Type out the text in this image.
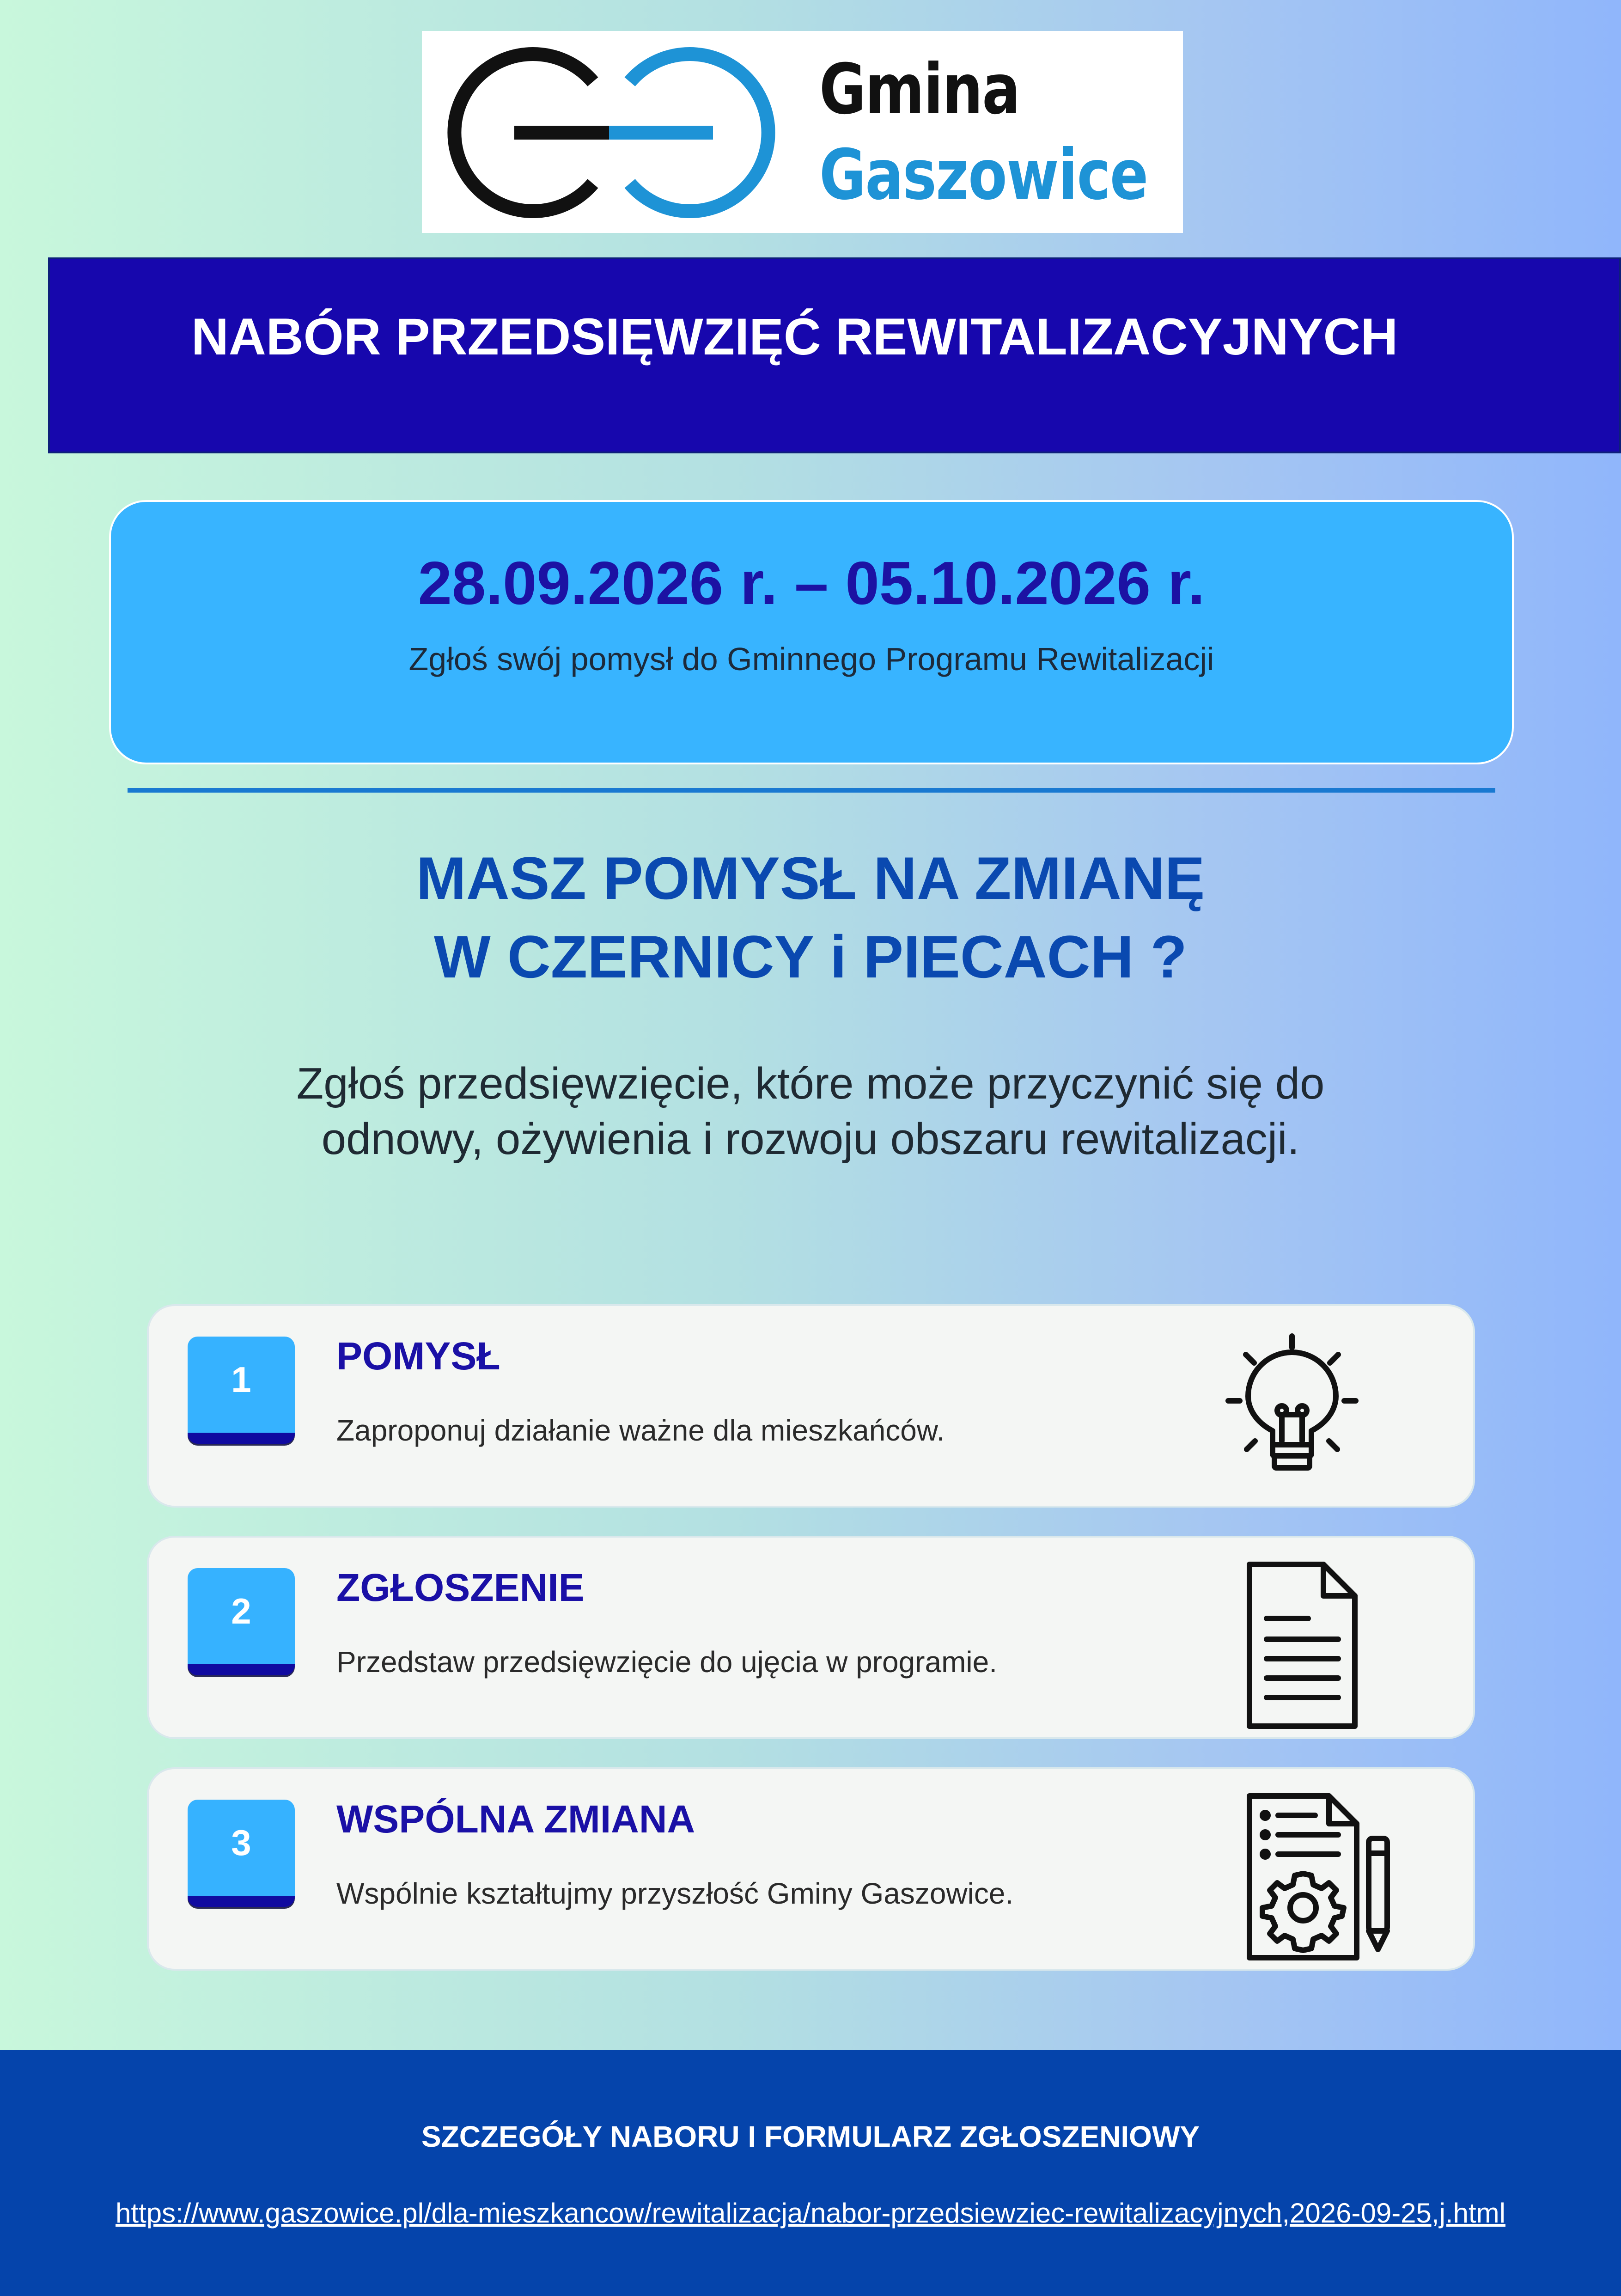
Gmina
Gaszowice
NABÓR PRZEDSIĘWZIĘĆ REWITALIZACYJNYCH
28.09.2026 r. – 05.10.2026 r.
Zgłoś swój pomysł do Gminnego Programu Rewitalizacji
MASZ POMYSŁ NA ZMIANĘ
W CZERNICY i PIECACH ?
Zgłoś przedsięwzięcie, które może przyczynić się do
odnowy, ożywienia i rozwoju obszaru rewitalizacji.
1
POMYSŁ
Zaproponuj działanie ważne dla mieszkańców.
2
ZGŁOSZENIE
Przedstaw przedsięwzięcie do ujęcia w programie.
3
WSPÓLNA ZMIANA
Wspólnie kształtujmy przyszłość Gminy Gaszowice.
SZCZEGÓŁY NABORU I FORMULARZ ZGŁOSZENIOWY
https://www.gaszowice.pl/dla-mieszkancow/rewitalizacja/nabor-przedsiewziec-rewitalizacyjnych,2026-09-25,j.html
